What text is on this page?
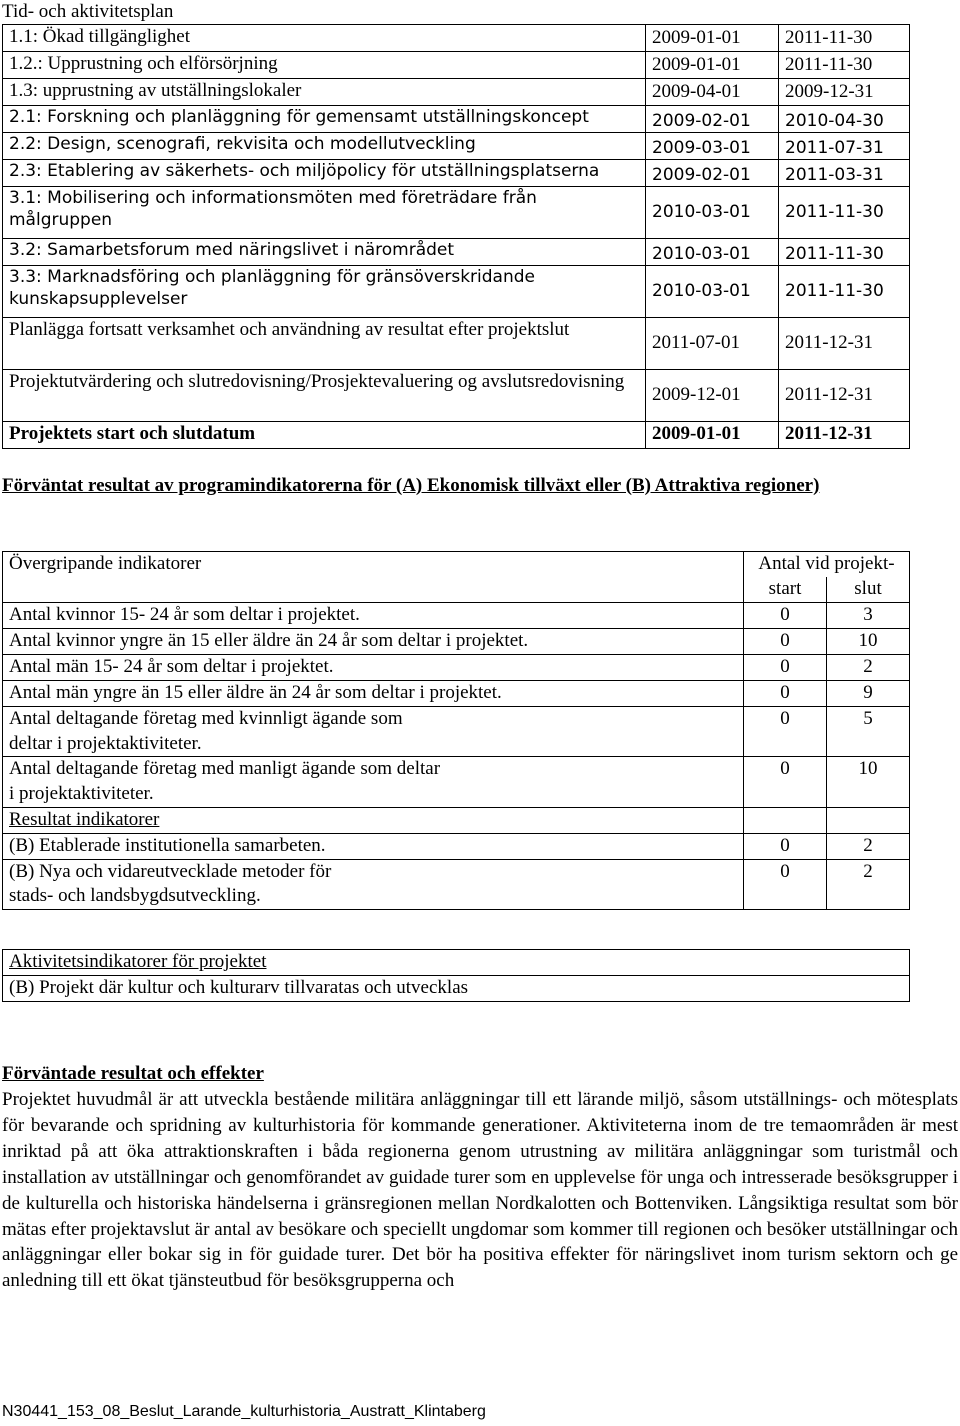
Tid- och aktivitetsplan
1.1: Ökad tillgänglighet	2009-01-01	2011-11-30
1.2.: Upprustning och elförsörjning	2009-01-01	2011-11-30
1.3: upprustning av utställningslokaler	2009-04-01	2009-12-31
2.1: Forskning och planläggning för gemensamt utställningskoncept	2009-02-01	2010-04-30
2.2: Design, scenografi, rekvisita och modellutveckling	2009-03-01	2011-07-31
2.3: Etablering av säkerhets- och miljöpolicy för utställningsplatserna	2009-02-01	2011-03-31
3.1: Mobilisering och informationsmöten med företrädare från målgruppen	2010-03-01	2011-11-30
3.2: Samarbetsforum med näringslivet i närområdet	2010-03-01	2011-11-30
3.3: Marknadsföring och planläggning för gränsöverskridande kunskapsupplevelser	2010-03-01	2011-11-30
Planlägga fortsatt verksamhet och användning av resultat efter projektslut	2011-07-01	2011-12-31
Projektutvärdering och slutredovisning/Prosjektevaluering og avslutsredovisning	2009-12-01	2011-12-31
Projektets start och slutdatum	2009-01-01	2011-12-31
Förväntat resultat av programindikatorerna för (A) Ekonomisk tillväxt eller (B) Attraktiva regioner)
Övergripande indikatorer	Antal vid projekt-	
	start	slut
Antal kvinnor 15- 24 år som deltar i projektet.	0	3
Antal kvinnor yngre än 15 eller äldre än 24 år som deltar i projektet.	0	10
Antal män 15- 24 år som deltar i projektet.	0	2
Antal män yngre än 15 eller äldre än 24 år som deltar i projektet.	0	9
Antal deltagande företag med kvinnligt ägande som deltar i projektaktiviteter.	0	5
Antal deltagande företag med manligt ägande som deltar i projektaktiviteter.	0	10
Resultat indikatorer		
(B) Etablerade institutionella samarbeten.	0	2
(B) Nya och vidareutvecklade metoder för stads- och landsbygdsutveckling.	0	2
Aktivitetsindikatorer för projektet
(B) Projekt där kultur och kulturarv tillvaratas och utvecklas
Förväntade resultat och effekter
Projektet huvudmål är att utveckla bestående militära anläggningar till ett lärande miljö, såsom utställnings- och mötesplats för bevarande och spridning av kulturhistoria för kommande generationer. Aktiviteterna inom de tre temaområden är mest inriktad på att öka attraktionskraften i båda regionerna genom utrustning av militära anläggningar som turistmål och installation av utställningar och genomförandet av guidade turer som en upplevelse för unga och intresserade besöksgrupper i de kulturella och historiska händelserna i gränsregionen mellan Nordkalotten och Bottenviken. Långsiktiga resultat som bör mätas efter projektavslut är antal av besökare och speciellt ungdomar som kommer till regionen och besöker utställningar och anläggningar eller bokar sig in för guidade turer. Det bör ha positiva effekter för näringslivet inom turism sektorn och ge anledning till ett ökat tjänsteutbud för besöksgrupperna och
N30441_153_08_Beslut_Larande_kulturhistoria_Austratt_Klintaberg
